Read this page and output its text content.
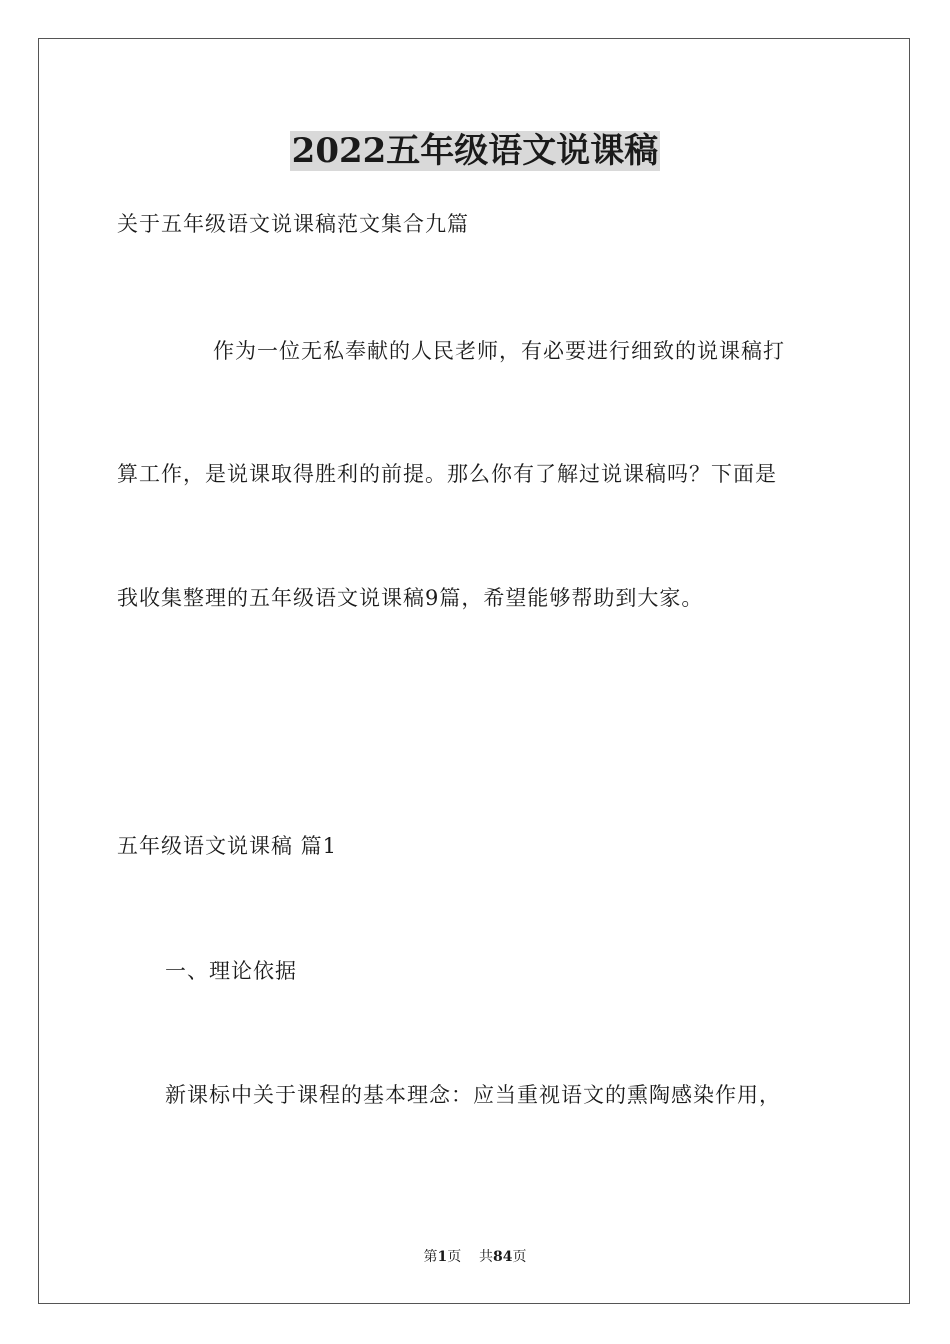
2022五年级语文说课稿
关于五年级语文说课稿范文集合九篇
作为一位无私奉献的人民老师，有必要进行细致的说课稿打
算工作，是说课取得胜利的前提。那么你有了解过说课稿吗？下面是
我收集整理的五年级语文说课稿9篇，希望能够帮助到大家。
五年级语文说课稿 篇1
一、理论依据
新课标中关于课程的基本理念：应当重视语文的熏陶感染作用，
第1页    共84页
